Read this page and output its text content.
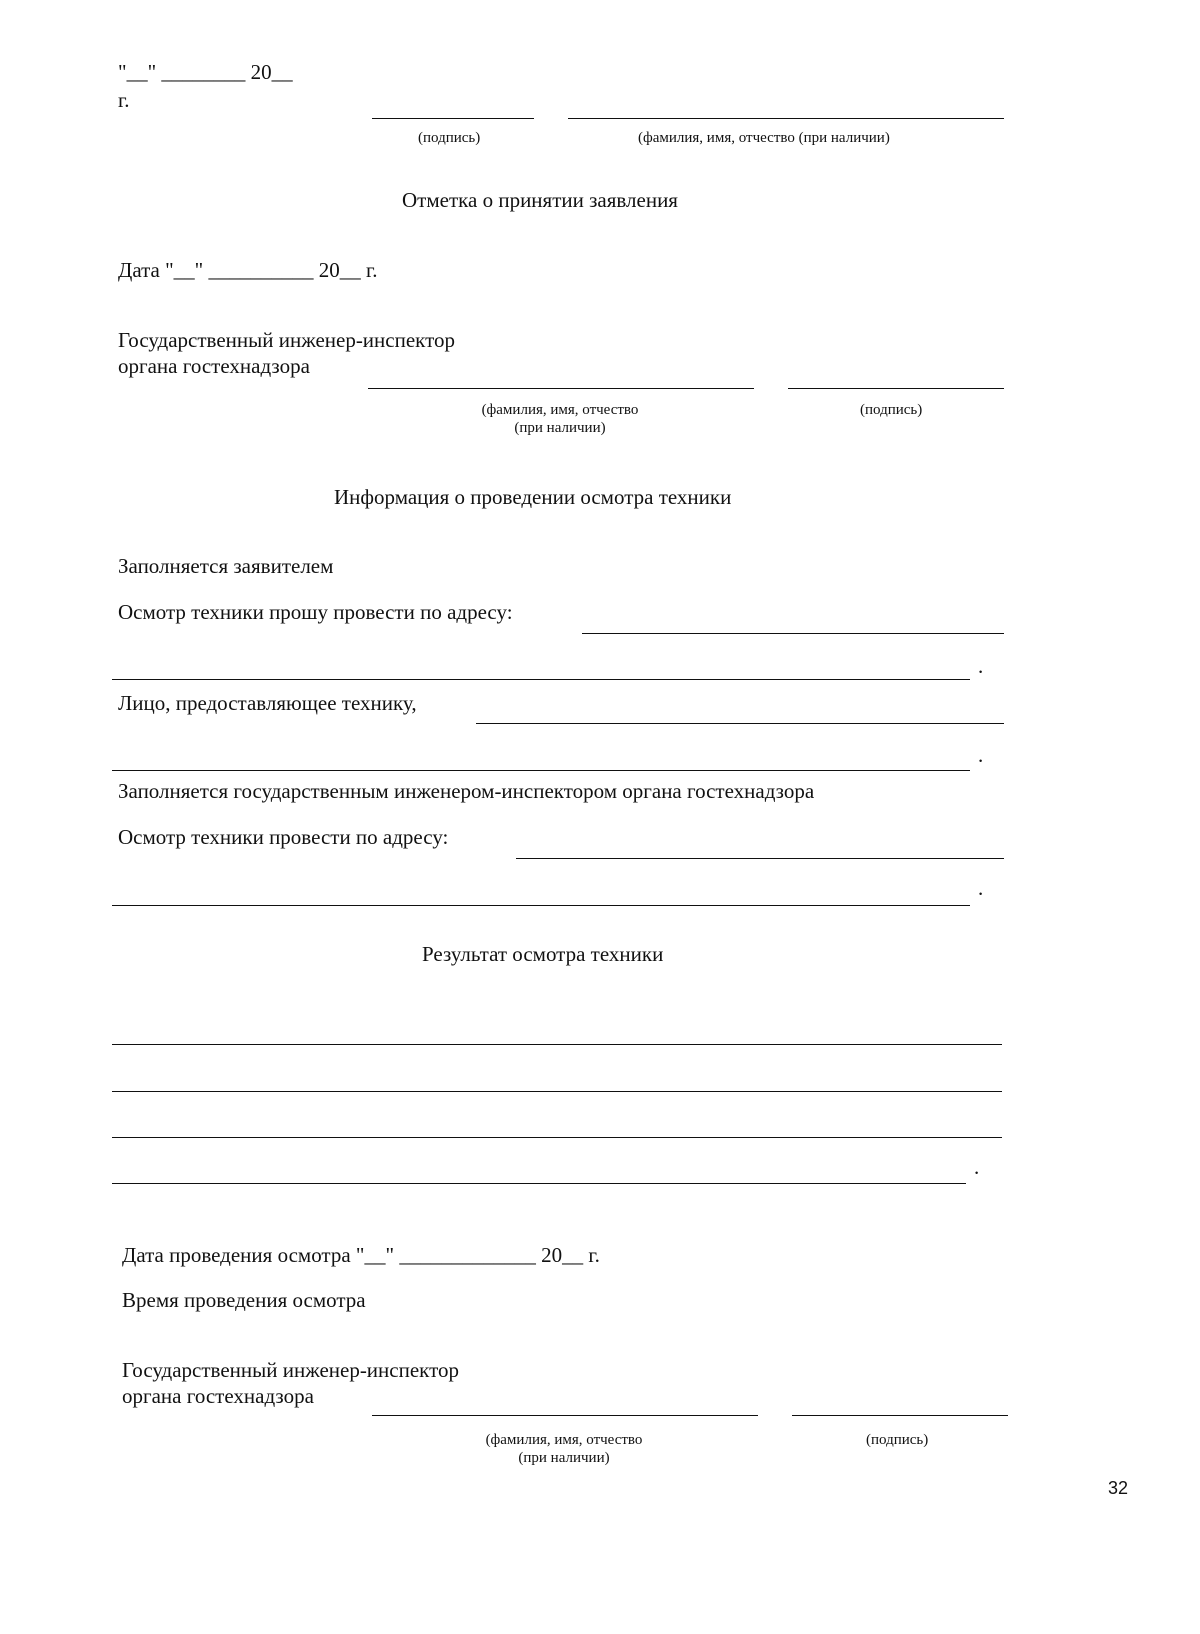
"__" ________ 20__
г.
(подпись)	(фамилия, имя, отчество (при наличии)
Отметка о принятии заявления
Дата "__" __________ 20__ г.
Государственный инженер-инспектор
органа гостехнадзора
(фамилия, имя, отчество
(при наличии)
(подпись)
Информация о проведении осмотра техники
Заполняется заявителем
Осмотр техники прошу провести по адресу:
.
Лицо, предоставляющее технику,
.
Заполняется государственным инженером-инспектором органа гостехнадзора
Осмотр техники провести по адресу:
.
Результат осмотра техники
.
Дата проведения осмотра "__" _____________ 20__ г.
Время проведения осмотра
Государственный инженер-инспектор
органа гостехнадзора
(фамилия, имя, отчество
(при наличии)
(подпись)
32
